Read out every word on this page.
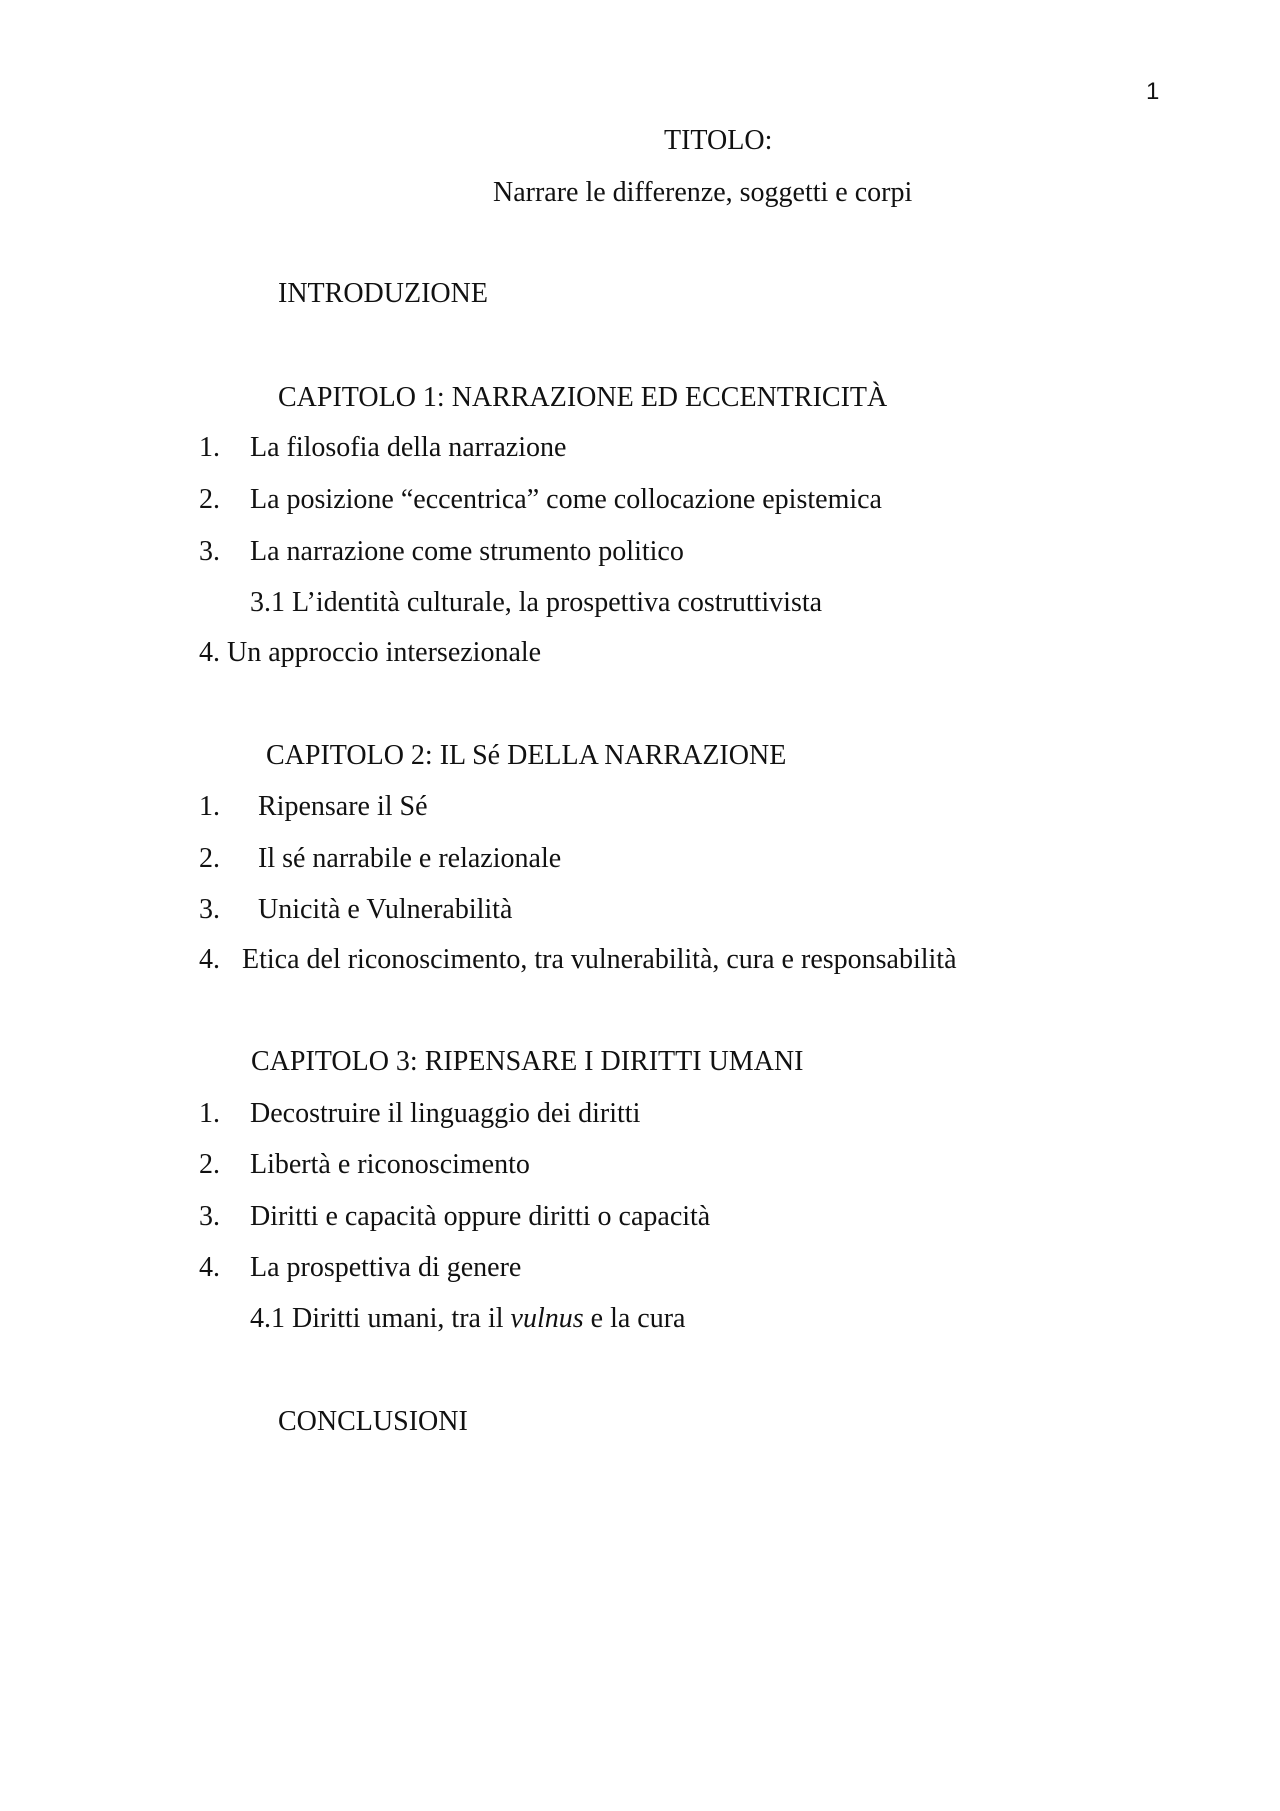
1
TITOLO:
Narrare le differenze, soggetti e corpi
INTRODUZIONE
CAPITOLO 1: NARRAZIONE ED ECCENTRICITÀ
1. La filosofia della narrazione
2. La posizione “eccentrica” come collocazione epistemica
3. La narrazione come strumento politico
3.1 L’identità culturale, la prospettiva costruttivista
4. Un approccio intersezionale
CAPITOLO 2: IL Sé DELLA NARRAZIONE
1. Ripensare il Sé
2. Il sé narrabile e relazionale
3. Unicità e Vulnerabilità
4. Etica del riconoscimento, tra vulnerabilità, cura e responsabilità
CAPITOLO 3: RIPENSARE I DIRITTI UMANI
1. Decostruire il linguaggio dei diritti
2. Libertà e riconoscimento
3. Diritti e capacità oppure diritti o capacità
4. La prospettiva di genere
4.1 Diritti umani, tra il vulnus e la cura
CONCLUSIONI
